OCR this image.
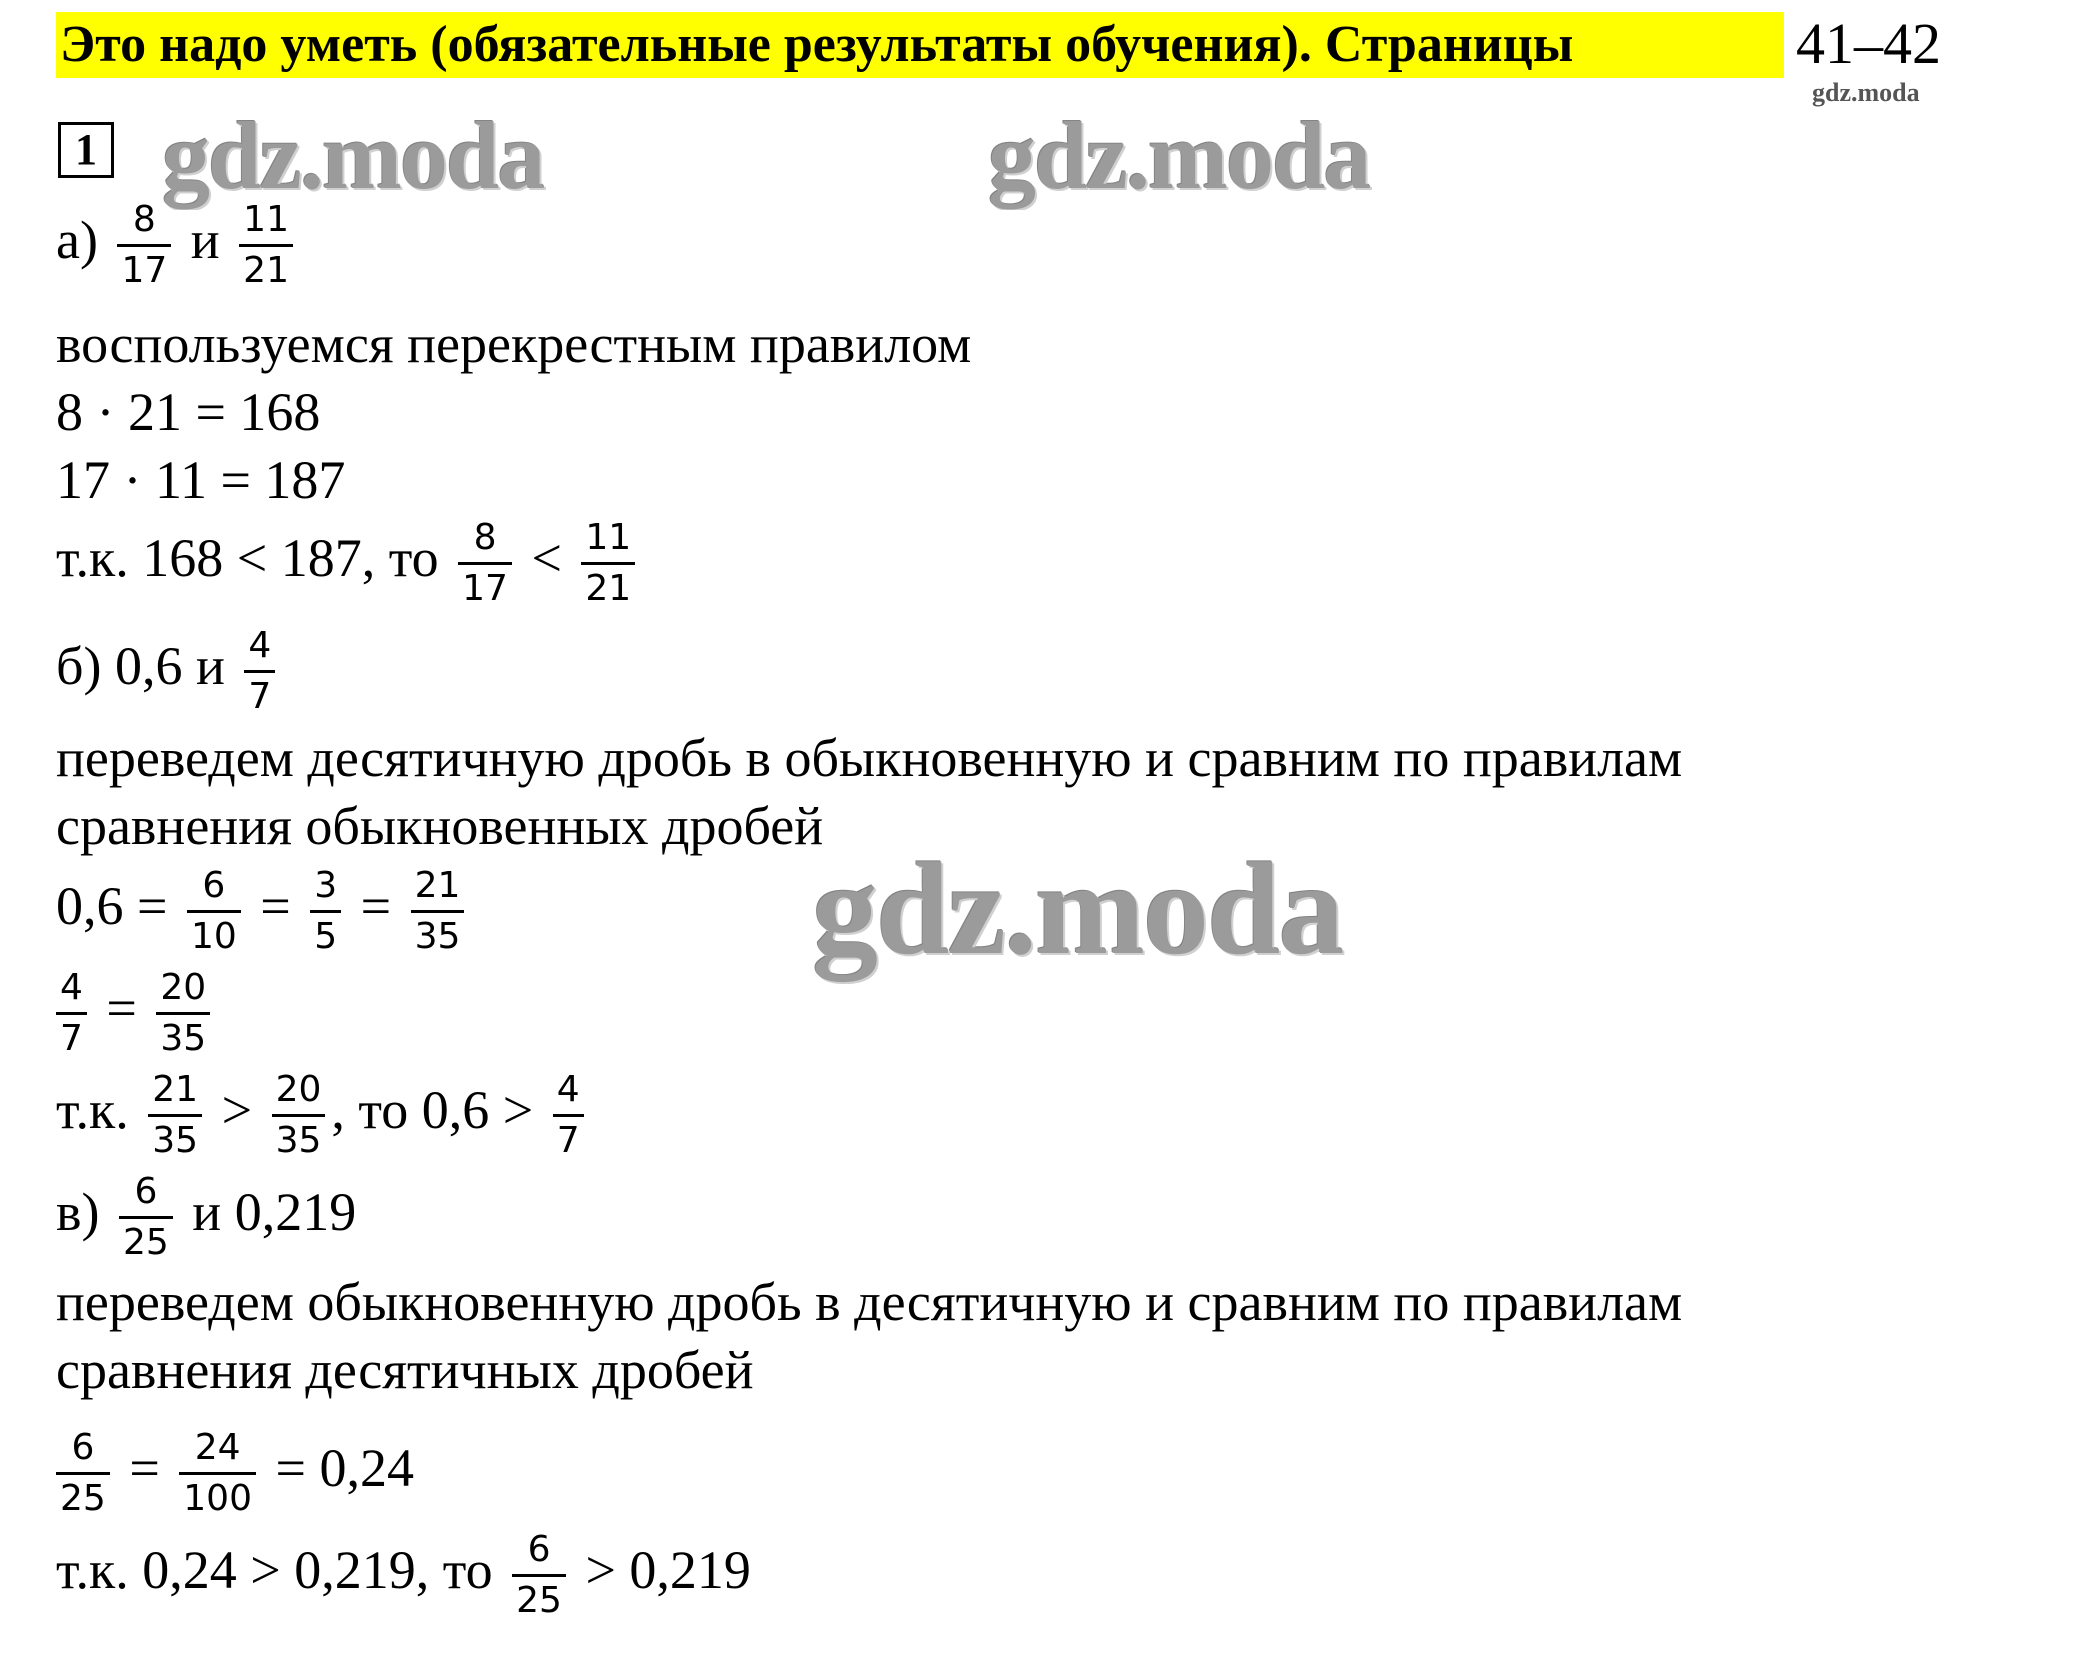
Это надо уметь (обязательные результаты обучения). Страницы	41–42
gdz.moda
1 gdz.moda	gdz.moda
$а) \frac{8}{17}$ и $\frac{11}{21}$
воспользуемся перекрестным правилом
8 · 21 = 168
17 · 11 = 187
т.к. 168 < 187, то $\frac{8}{17} < \frac{11}{21}$
б) 0,6 и $\frac{4}{7}$
переведем десятичную дробь в обыкновенную и сравним по правилам
сравнения обыкновенных дробей
$0,6 = \frac{6}{10} = \frac{3}{5} = \frac{21}{35}$
$\frac{4}{7} = \frac{20}{35}$
т.к. $\frac{21}{35} > \frac{20}{35}$ , то $0,6 > \frac{4}{7}$
$в) \frac{6}{25}$ и 0,219
переведем обыкновенную дробь в десятичную и сравним по правилам
сравнения десятичных дробей
$\frac{6}{25} = \frac{24}{100} = 0,24$
т.к. 0,24 > 0,219, то $\frac{6}{25} > 0,219$
gdz.moda
